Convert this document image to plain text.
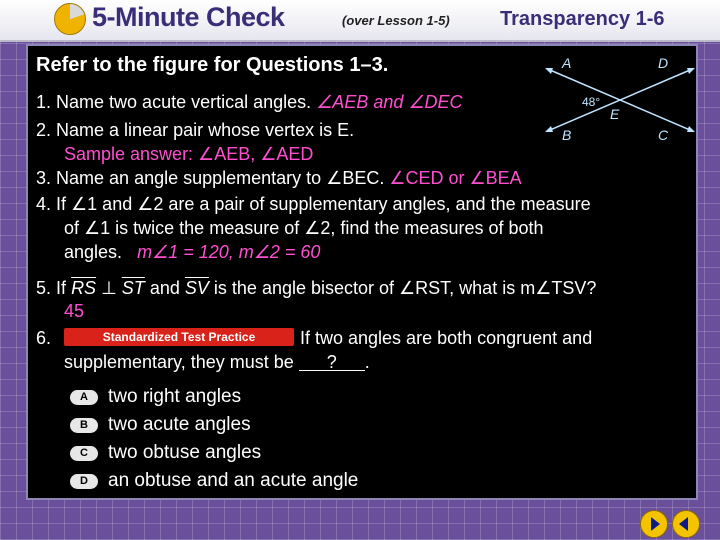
5-Minute Check	(over Lesson 1-5)	Transparency 1-6
Refer to the figure for Questions 1–3.	A	D
E
B	C
48°
1. Name two acute vertical angles. ∠AEB and ∠DEC
2. Name a linear pair whose vertex is E.
Sample answer: ∠AEB, ∠AED
3. Name an angle supplementary to ∠BEC. ∠CED or ∠BEA
4. If ∠1 and ∠2 are a pair of supplementary angles, and the measure
of ∠1 is twice the measure of ∠2, find the measures of both
angles. m∠1 = 120, m∠2 = 60
5. If $\overline{RS}$ ⊥ $\overline{ST}$ and $\overline{SV}$ is the angle bisector of ∠RST, what is m∠TSV?
45
6.	Standardized Test Practice	If two angles are both congruent and
supplementary, they must be ? .
A	two right angles
B	two acute angles
C	two obtuse angles
D	an obtuse and an acute angle
